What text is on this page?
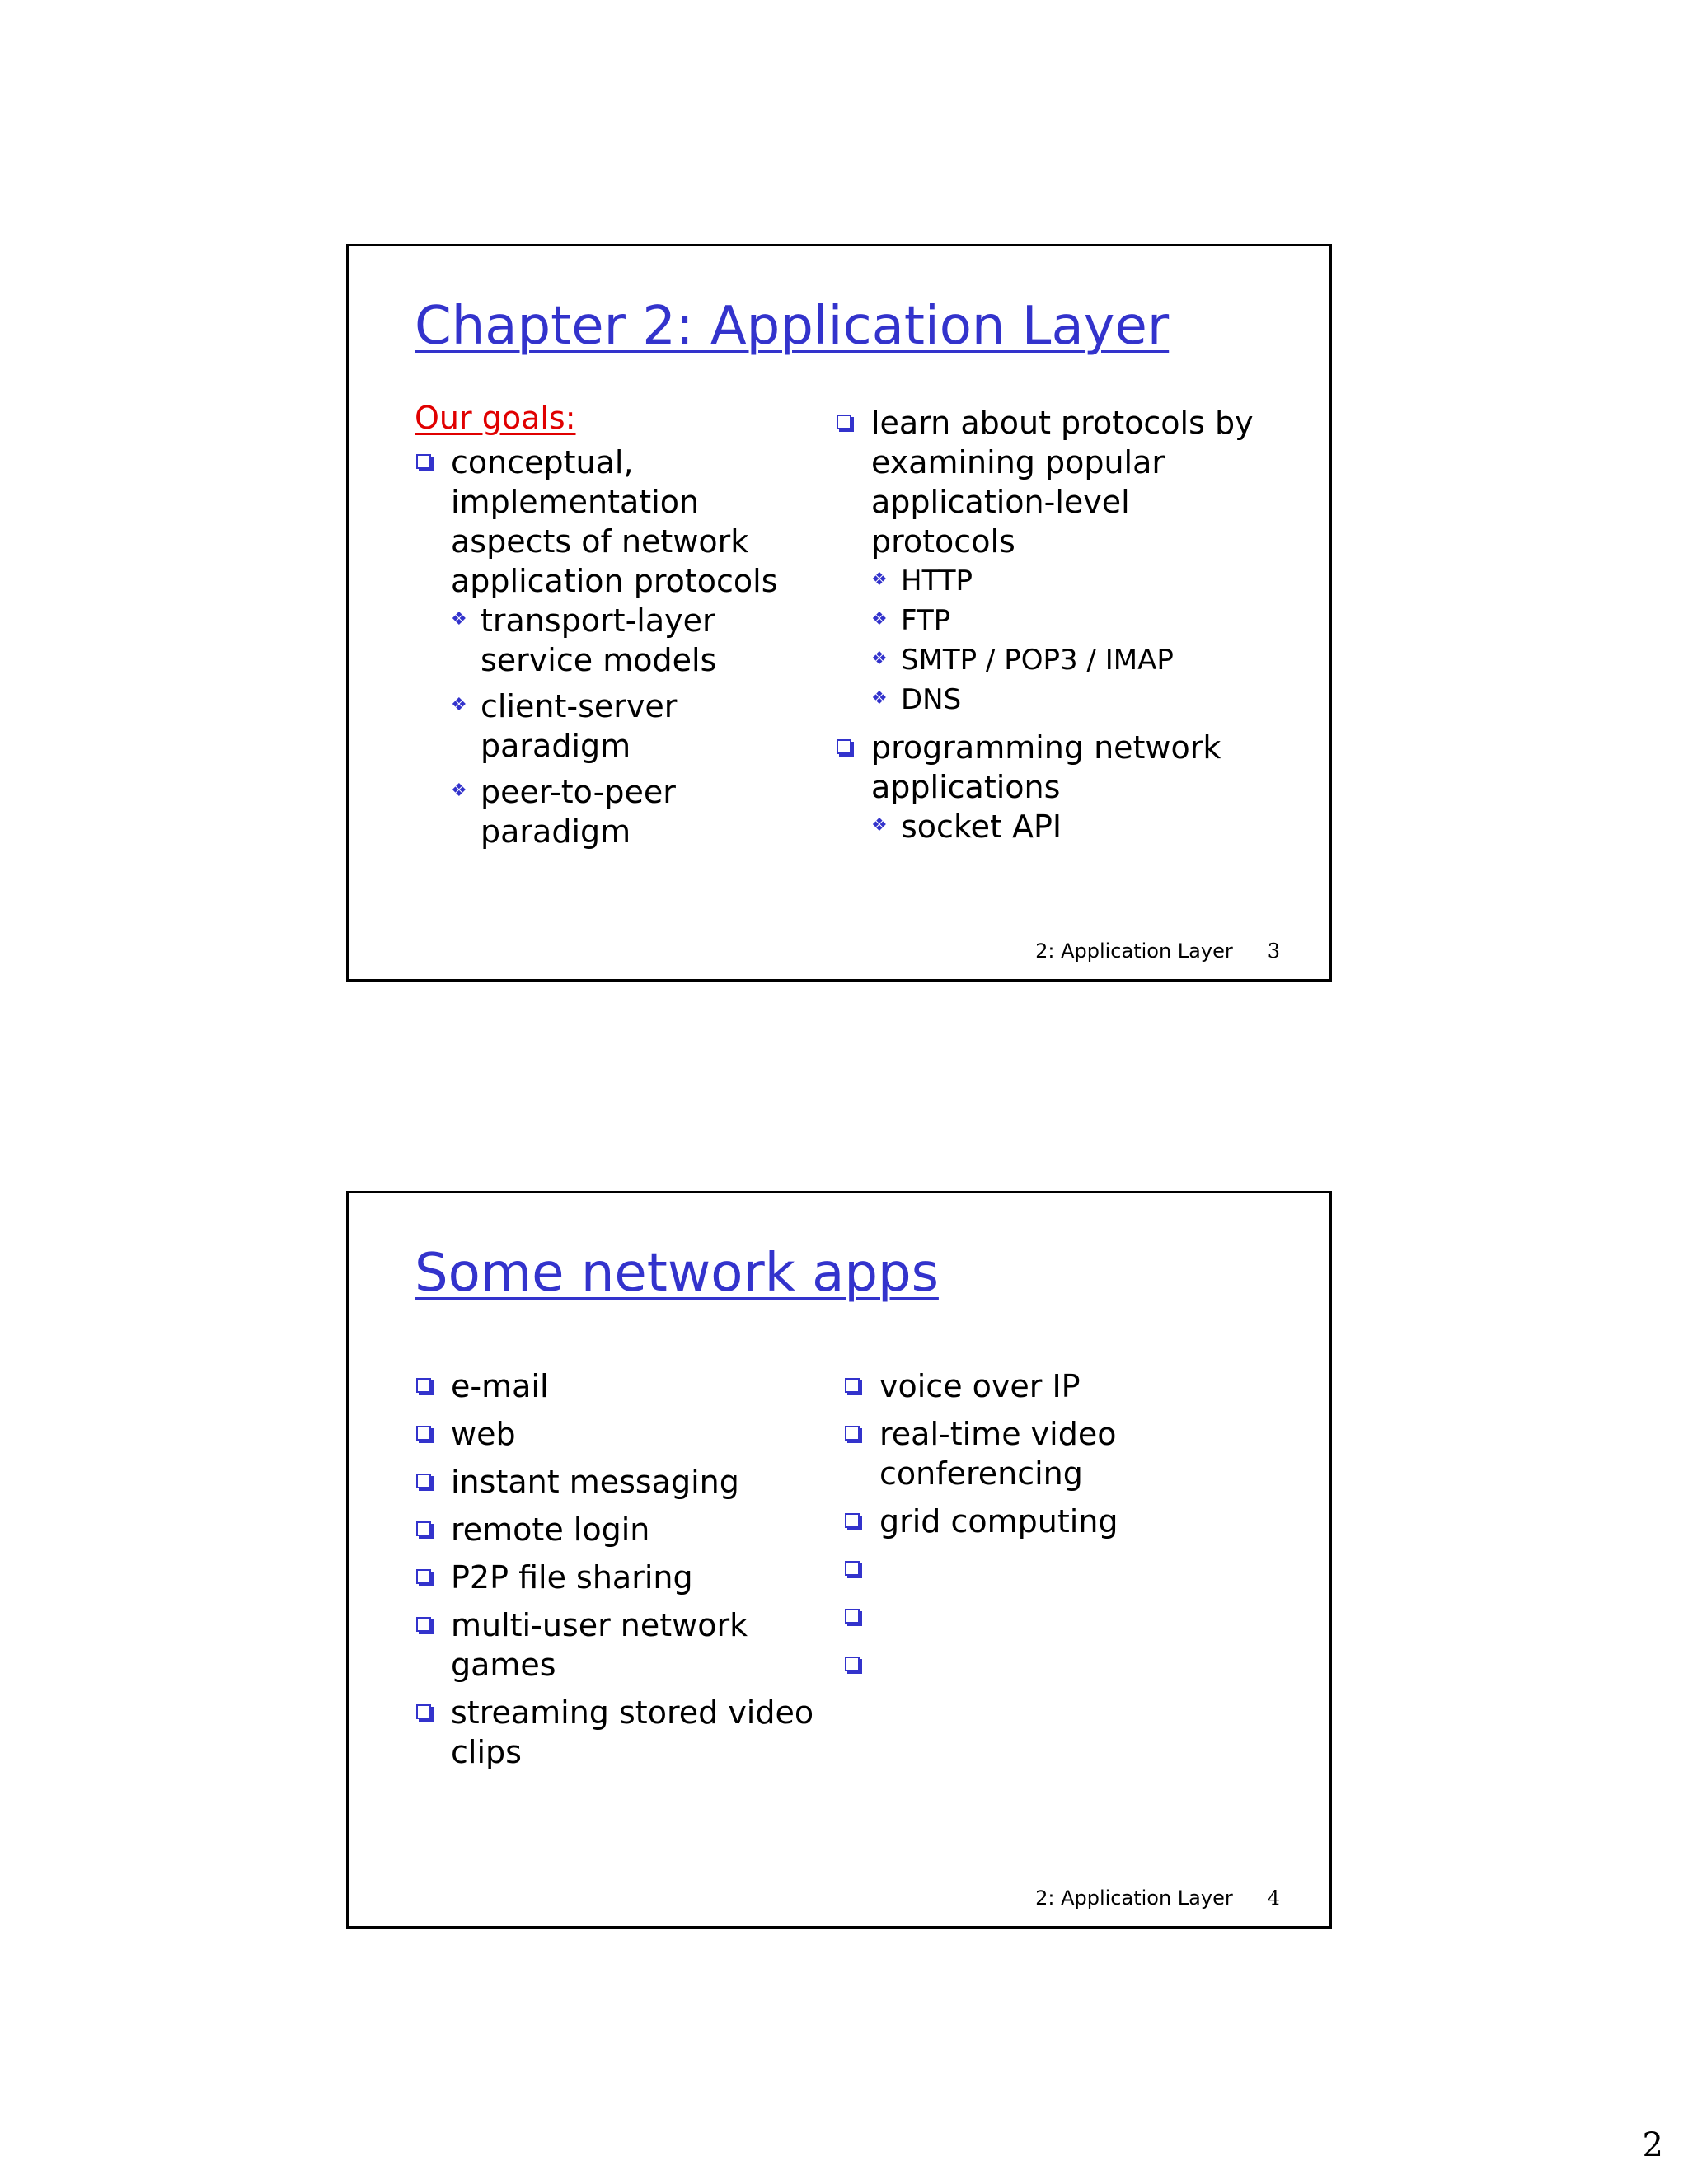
Chapter 2: Application Layer
Our goals:
conceptual, implementation aspects of network application protocols
❖ transport-layer service models
❖ client-server paradigm
❖ peer-to-peer paradigm
learn about protocols by examining popular application-level protocols
❖ HTTP
❖ FTP
❖ SMTP / POP3 / IMAP
❖ DNS
programming network applications
❖ socket API
2: Application Layer 3
Some network apps
e-mail
web
instant messaging
remote login
P2P file sharing
multi-user network games
streaming stored video clips
voice over IP
real-time video conferencing
grid computing
2: Application Layer 4
2
